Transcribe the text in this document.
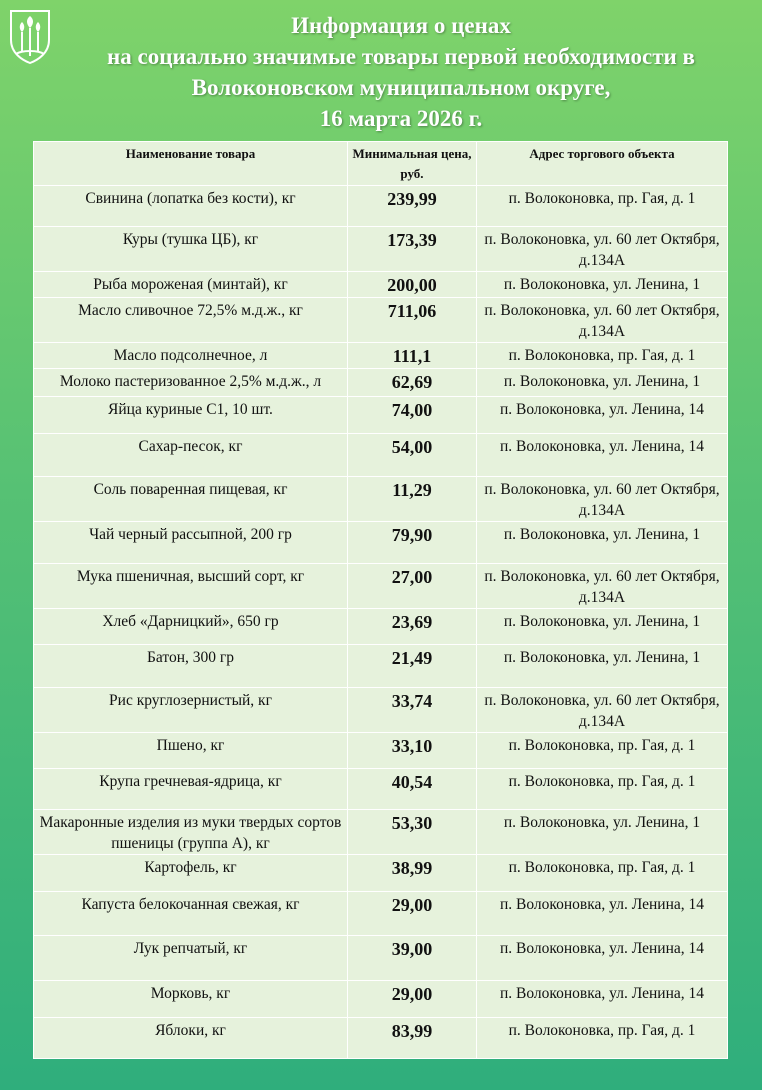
Информация о ценах
на социально значимые товары первой необходимости в
Волоконовском муниципальном округе,
16 марта 2026 г.
Наименование товара	Минимальная цена, руб.	Адрес торгового объекта
Свинина (лопатка без кости), кг	239,99	п. Волоконовка, пр. Гая, д. 1
Куры (тушка ЦБ), кг	173,39	п. Волоконовка, ул. 60 лет Октября, д.134А
Рыба мороженая (минтай), кг	200,00	п. Волоконовка, ул. Ленина, 1
Масло сливочное 72,5% м.д.ж., кг	711,06	п. Волоконовка, ул. 60 лет Октября, д.134А
Масло подсолнечное, л	111,1	п. Волоконовка, пр. Гая, д. 1
Молоко пастеризованное 2,5% м.д.ж., л	62,69	п. Волоконовка, ул. Ленина, 1
Яйца куриные С1, 10 шт.	74,00	п. Волоконовка, ул. Ленина, 14
Сахар-песок, кг	54,00	п. Волоконовка, ул. Ленина, 14
Соль поваренная пищевая, кг	11,29	п. Волоконовка, ул. 60 лет Октября, д.134А
Чай черный рассыпной, 200 гр	79,90	п. Волоконовка, ул. Ленина, 1
Мука пшеничная, высший сорт, кг	27,00	п. Волоконовка, ул. 60 лет Октября, д.134А
Хлеб «Дарницкий», 650 гр	23,69	п. Волоконовка, ул. Ленина, 1
Батон, 300 гр	21,49	п. Волоконовка, ул. Ленина, 1
Рис круглозернистый, кг	33,74	п. Волоконовка, ул. 60 лет Октября, д.134А
Пшено, кг	33,10	п. Волоконовка, пр. Гая, д. 1
Крупа гречневая-ядрица, кг	40,54	п. Волоконовка, пр. Гая, д. 1
Макаронные изделия из муки твердых сортов пшеницы (группа А), кг	53,30	п. Волоконовка, ул. Ленина, 1
Картофель, кг	38,99	п. Волоконовка, пр. Гая, д. 1
Капуста белокочанная свежая, кг	29,00	п. Волоконовка, ул. Ленина, 14
Лук репчатый, кг	39,00	п. Волоконовка, ул. Ленина, 14
Морковь, кг	29,00	п. Волоконовка, ул. Ленина, 14
Яблоки, кг	83,99	п. Волоконовка, пр. Гая, д. 1
